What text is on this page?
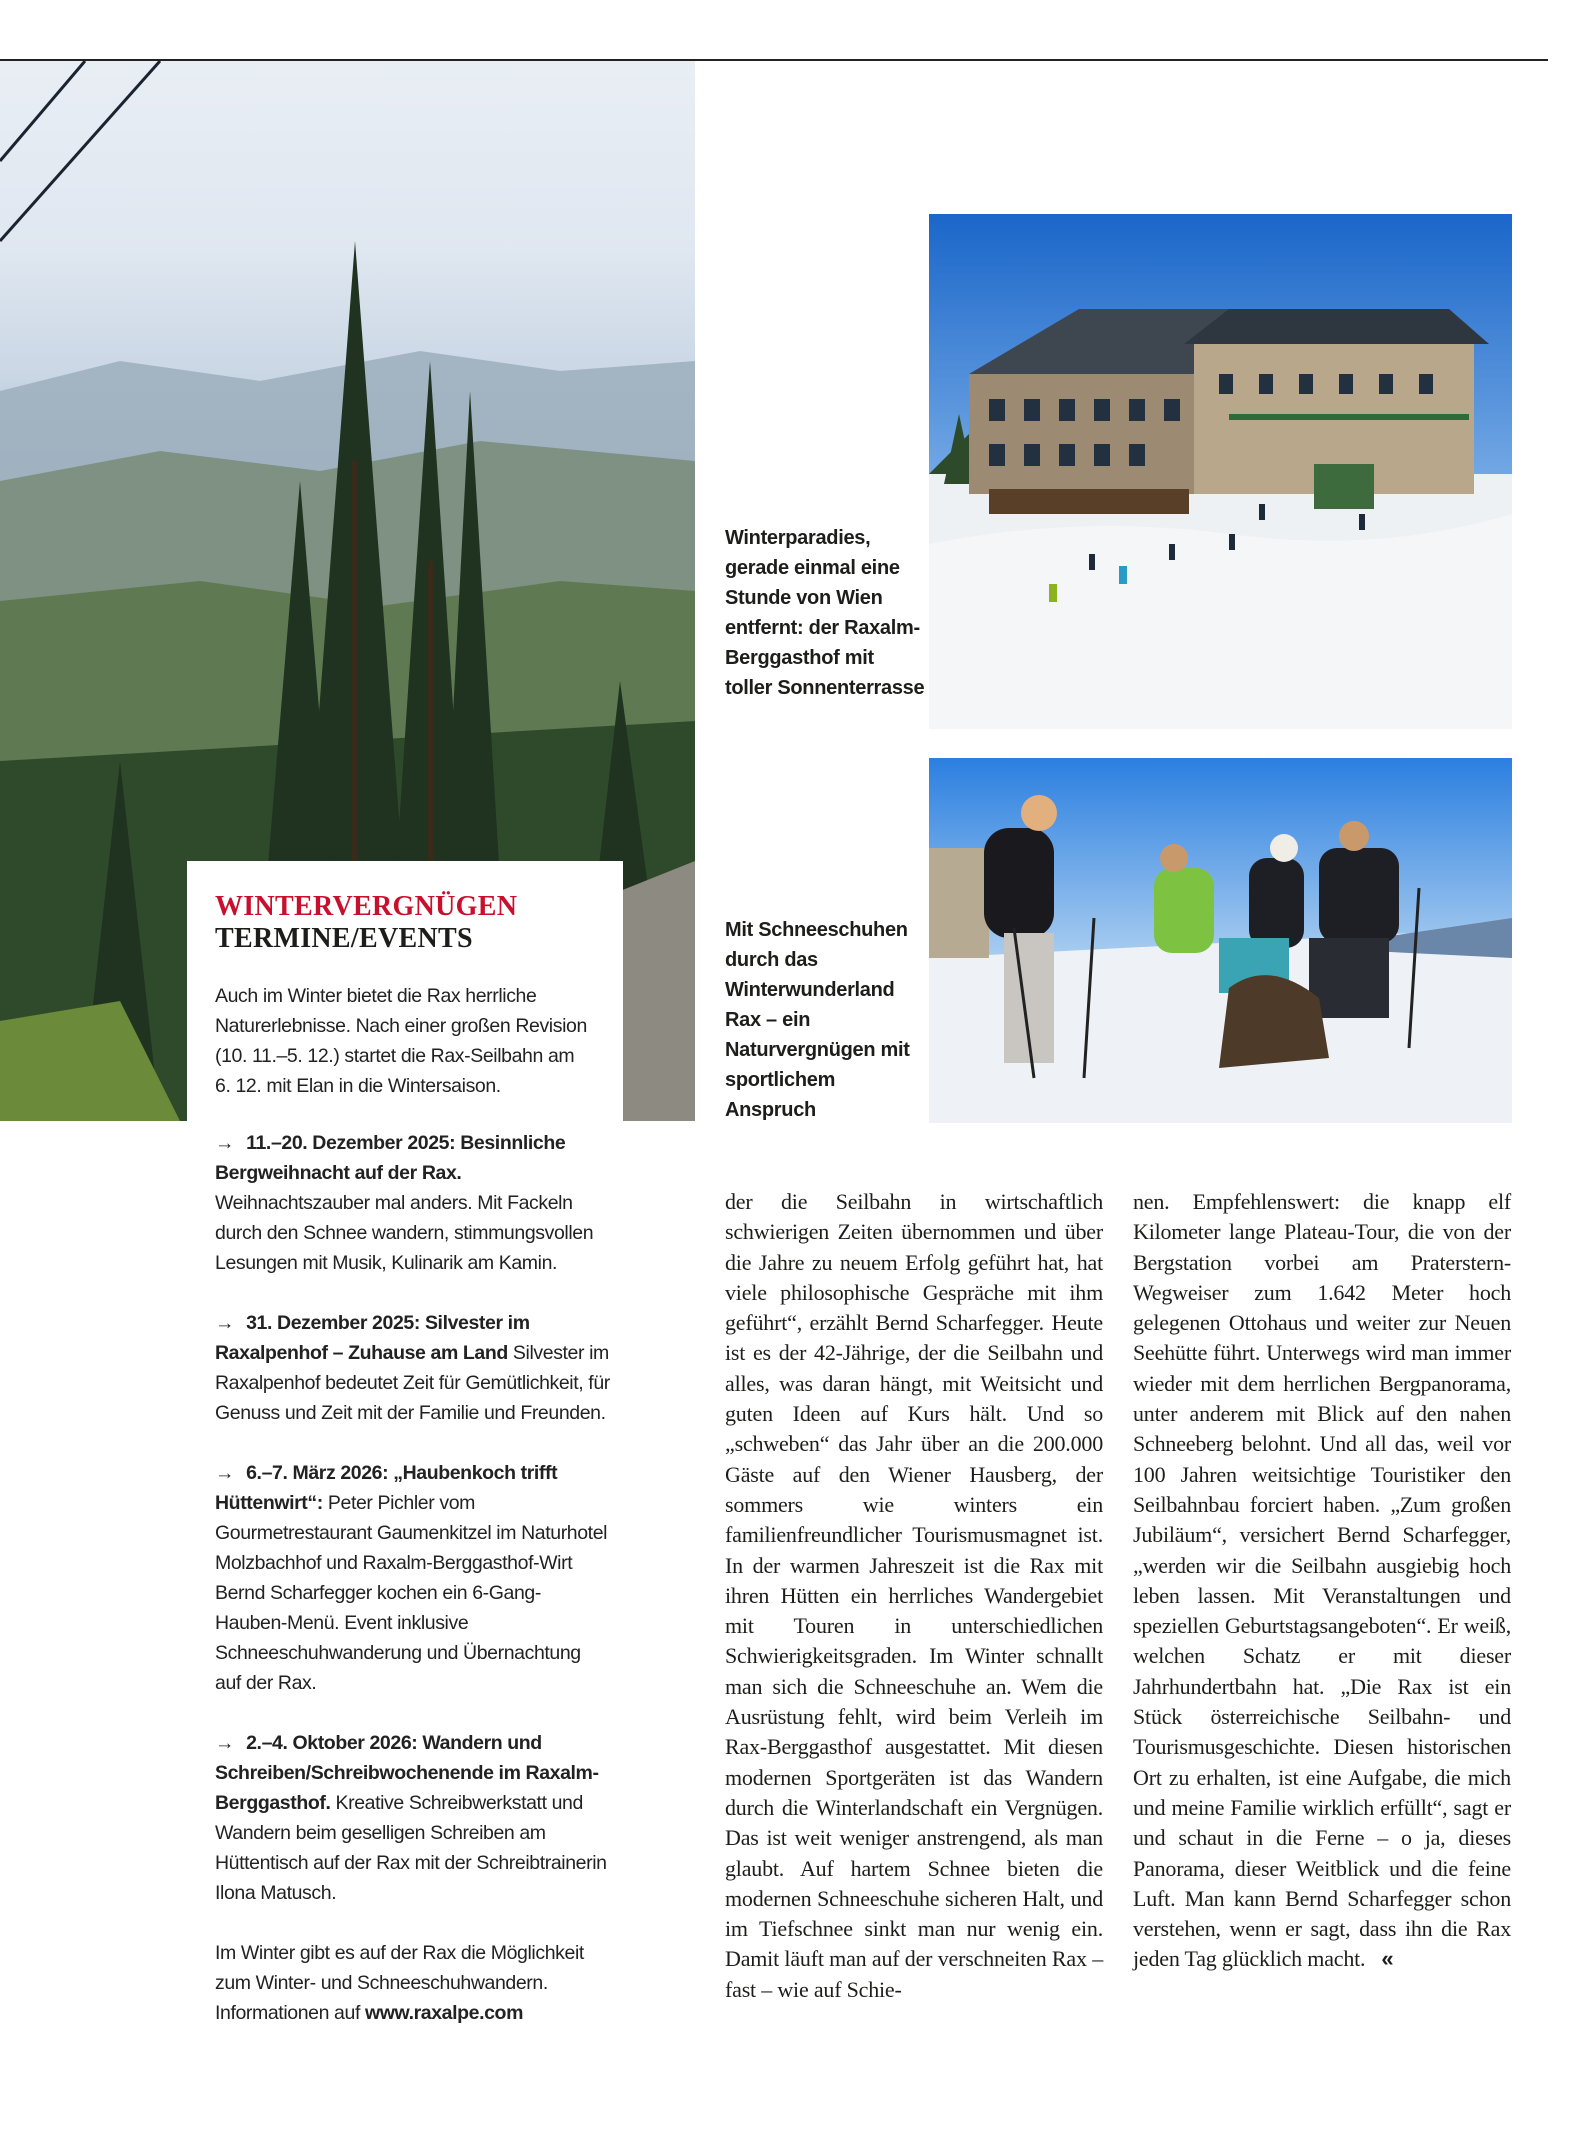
WINTERVERGNÜGEN
TERMINE/EVENTS
Auch im Winter bietet die Rax herrliche Naturerlebnisse. Nach einer großen Revision (10. 11.–5. 12.) startet die Rax-Seilbahn am 6. 12. mit Elan in die Wintersaison.
→ 11.–20. Dezember 2025: Besinnliche Bergweihnacht auf der Rax. Weihnachtszauber mal anders. Mit Fackeln durch den Schnee wandern, stimmungsvollen Lesungen mit Musik, Kulinarik am Kamin.
→ 31. Dezember 2025: Silvester im Raxalpenhof – Zuhause am Land Silvester im Raxalpenhof bedeutet Zeit für Gemütlichkeit, für Genuss und Zeit mit der Familie und Freunden.
→ 6.–7. März 2026: „Haubenkoch trifft Hüttenwirt“: Peter Pichler vom Gourmetrestaurant Gaumenkitzel im Naturhotel Molzbachhof und Raxalm-Berggasthof-Wirt Bernd Scharfegger kochen ein 6-Gang-Hauben-Menü. Event inklusive Schneeschuhwanderung und Übernachtung auf der Rax.
→ 2.–4. Oktober 2026: Wandern und Schreiben/Schreibwochenende im Raxalm-Berggasthof. Kreative Schreibwerkstatt und Wandern beim geselligen Schreiben am Hüttentisch auf der Rax mit der Schreibtrainerin Ilona Matusch.
Im Winter gibt es auf der Rax die Möglichkeit zum Winter- und Schneeschuhwandern. Informationen auf www.raxalpe.com
Winterparadies, gerade einmal eine Stunde von Wien entfernt: der Raxalm-Berggasthof mit toller Sonnenterrasse
Mit Schneeschuhen durch das Winterwunderland Rax – ein Naturvergnügen mit sportlichem Anspruch
der die Seilbahn in wirtschaftlich schwierigen Zeiten übernommen und über die Jahre zu neuem Erfolg geführt hat, hat viele philosophische Gespräche mit ihm geführt“, erzählt Bernd Scharfegger. Heute ist es der 42-Jährige, der die Seilbahn und alles, was daran hängt, mit Weitsicht und guten Ideen auf Kurs hält. Und so „schweben“ das Jahr über an die 200.000 Gäste auf den Wiener Hausberg, der sommers wie winters ein familienfreundlicher Tourismusmagnet ist. In der warmen Jahreszeit ist die Rax mit ihren Hütten ein herrliches Wandergebiet mit Touren in unterschiedlichen Schwierigkeitsgraden. Im Winter schnallt man sich die Schneeschuhe an. Wem die Ausrüstung fehlt, wird beim Verleih im Rax-Berggasthof ausgestattet. Mit diesen modernen Sportgeräten ist das Wandern durch die Winterlandschaft ein Vergnügen. Das ist weit weniger anstrengend, als man glaubt. Auf hartem Schnee bieten die modernen Schneeschuhe sicheren Halt, und im Tiefschnee sinkt man nur wenig ein. Damit läuft man auf der verschneiten Rax – fast – wie auf Schie-
nen. Empfehlenswert: die knapp elf Kilometer lange Plateau-Tour, die von der Bergstation vorbei am Praterstern-Wegweiser zum 1.642 Meter hoch gelegenen Ottohaus und weiter zur Neuen Seehütte führt. Unterwegs wird man immer wieder mit dem herrlichen Bergpanorama, unter anderem mit Blick auf den nahen Schneeberg belohnt. Und all das, weil vor 100 Jahren weitsichtige Touristiker den Seilbahnbau forciert haben. „Zum großen Jubiläum“, versichert Bernd Scharfegger, „werden wir die Seilbahn ausgiebig hoch leben lassen. Mit Veranstaltungen und speziellen Geburtstagsangeboten“. Er weiß, welchen Schatz er mit dieser Jahrhundertbahn hat. „Die Rax ist ein Stück österreichische Seilbahn- und Tourismusgeschichte. Diesen historischen Ort zu erhalten, ist eine Aufgabe, die mich und meine Familie wirklich erfüllt“, sagt er und schaut in die Ferne – o ja, dieses Panorama, dieser Weitblick und die feine Luft. Man kann Bernd Scharfegger schon verstehen, wenn er sagt, dass ihn die Rax jeden Tag glücklich macht. «
